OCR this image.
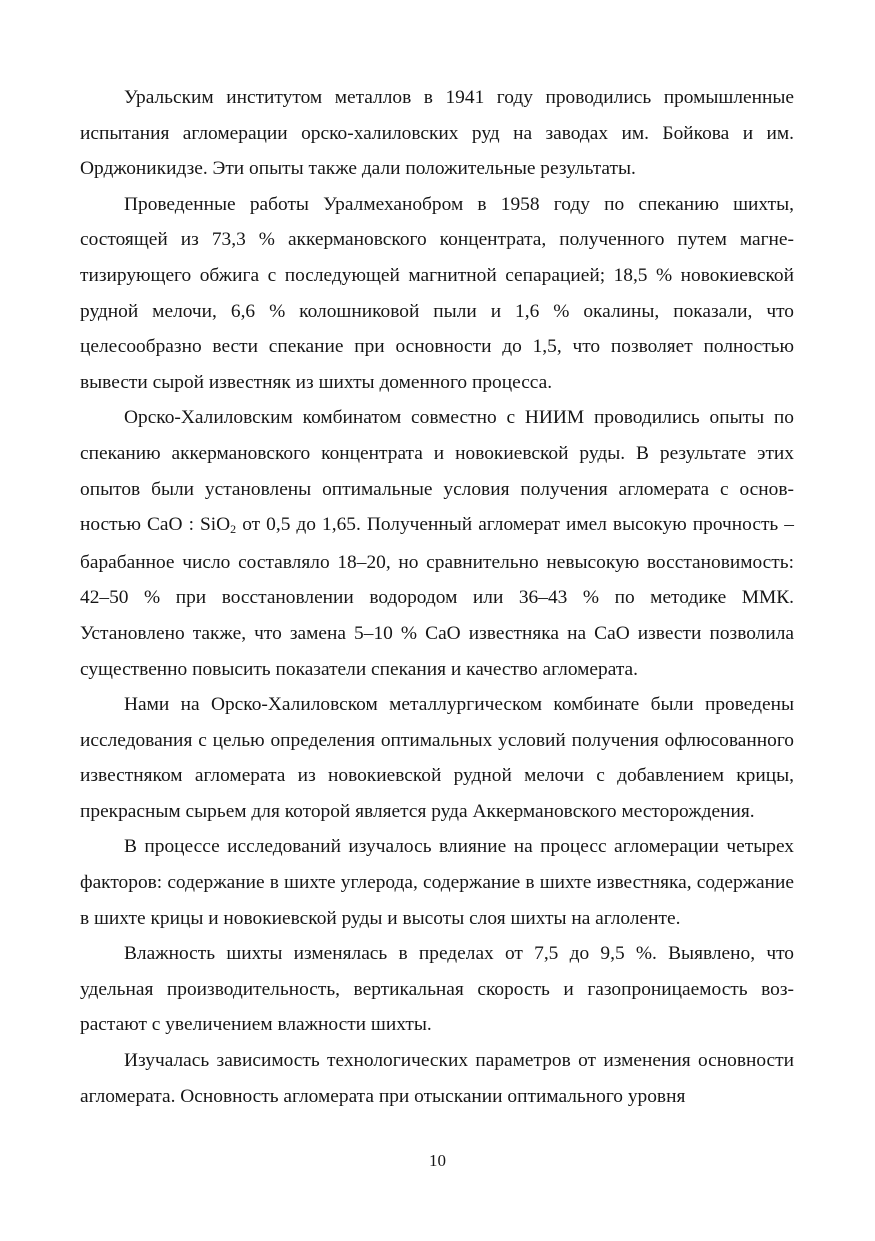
Уральским институтом металлов в 1941 году проводились промышленные испытания агломерации орско-халиловских руд на заводах им. Бойкова и им. Орджоникидзе. Эти опыты также дали положительные результаты.

Проведенные работы Уралмеханобром в 1958 году по спеканию шихты, состоящей из 73,3 % аккермановского концентрата, полученного путем магнетизирующего обжига с последующей магнитной сепарацией; 18,5 % новокиевской рудной мелочи, 6,6 % колошниковой пыли и 1,6 % окалины, показали, что целесообразно вести спекание при основности до 1,5, что позволяет полностью вывести сырой известняк из шихты доменного процесса.

Орско-Халиловским комбинатом совместно с НИИМ проводились опыты по спеканию аккермановского концентрата и новокиевской руды. В результате этих опытов были установлены оптимальные условия получения агломерата с основностью CaO : SiO$_2$ от 0,5 до 1,65. Полученный агломерат имел высокую прочность – барабанное число составляло 18–20, но сравнительно невысокую восстановимость: 42–50 % при восстановлении водородом или 36–43 % по методике ММК. Установлено также, что замена 5–10 % CaO известняка на CaO извести позволила существенно повысить показатели спекания и качество агломерата.

Нами на Орско-Халиловском металлургическом комбинате были проведены исследования с целью определения оптимальных условий получения офлюсованного известняком агломерата из новокиевской рудной мелочи с добавлением крицы, прекрасным сырьем для которой является руда Аккермановского месторождения.

В процессе исследований изучалось влияние на процесс агломерации четырех факторов: содержание в шихте углерода, содержание в шихте известняка, содержание в шихте крицы и новокиевской руды и высоты слоя шихты на аглоленте.

Влажность шихты изменялась в пределах от 7,5 до 9,5 %. Выявлено, что удельная производительность, вертикальная скорость и газопроницаемость возрастают с увеличением влажности шихты.

Изучалась зависимость технологических параметров от изменения основности агломерата. Основность агломерата при отыскании оптимального уровня

10
